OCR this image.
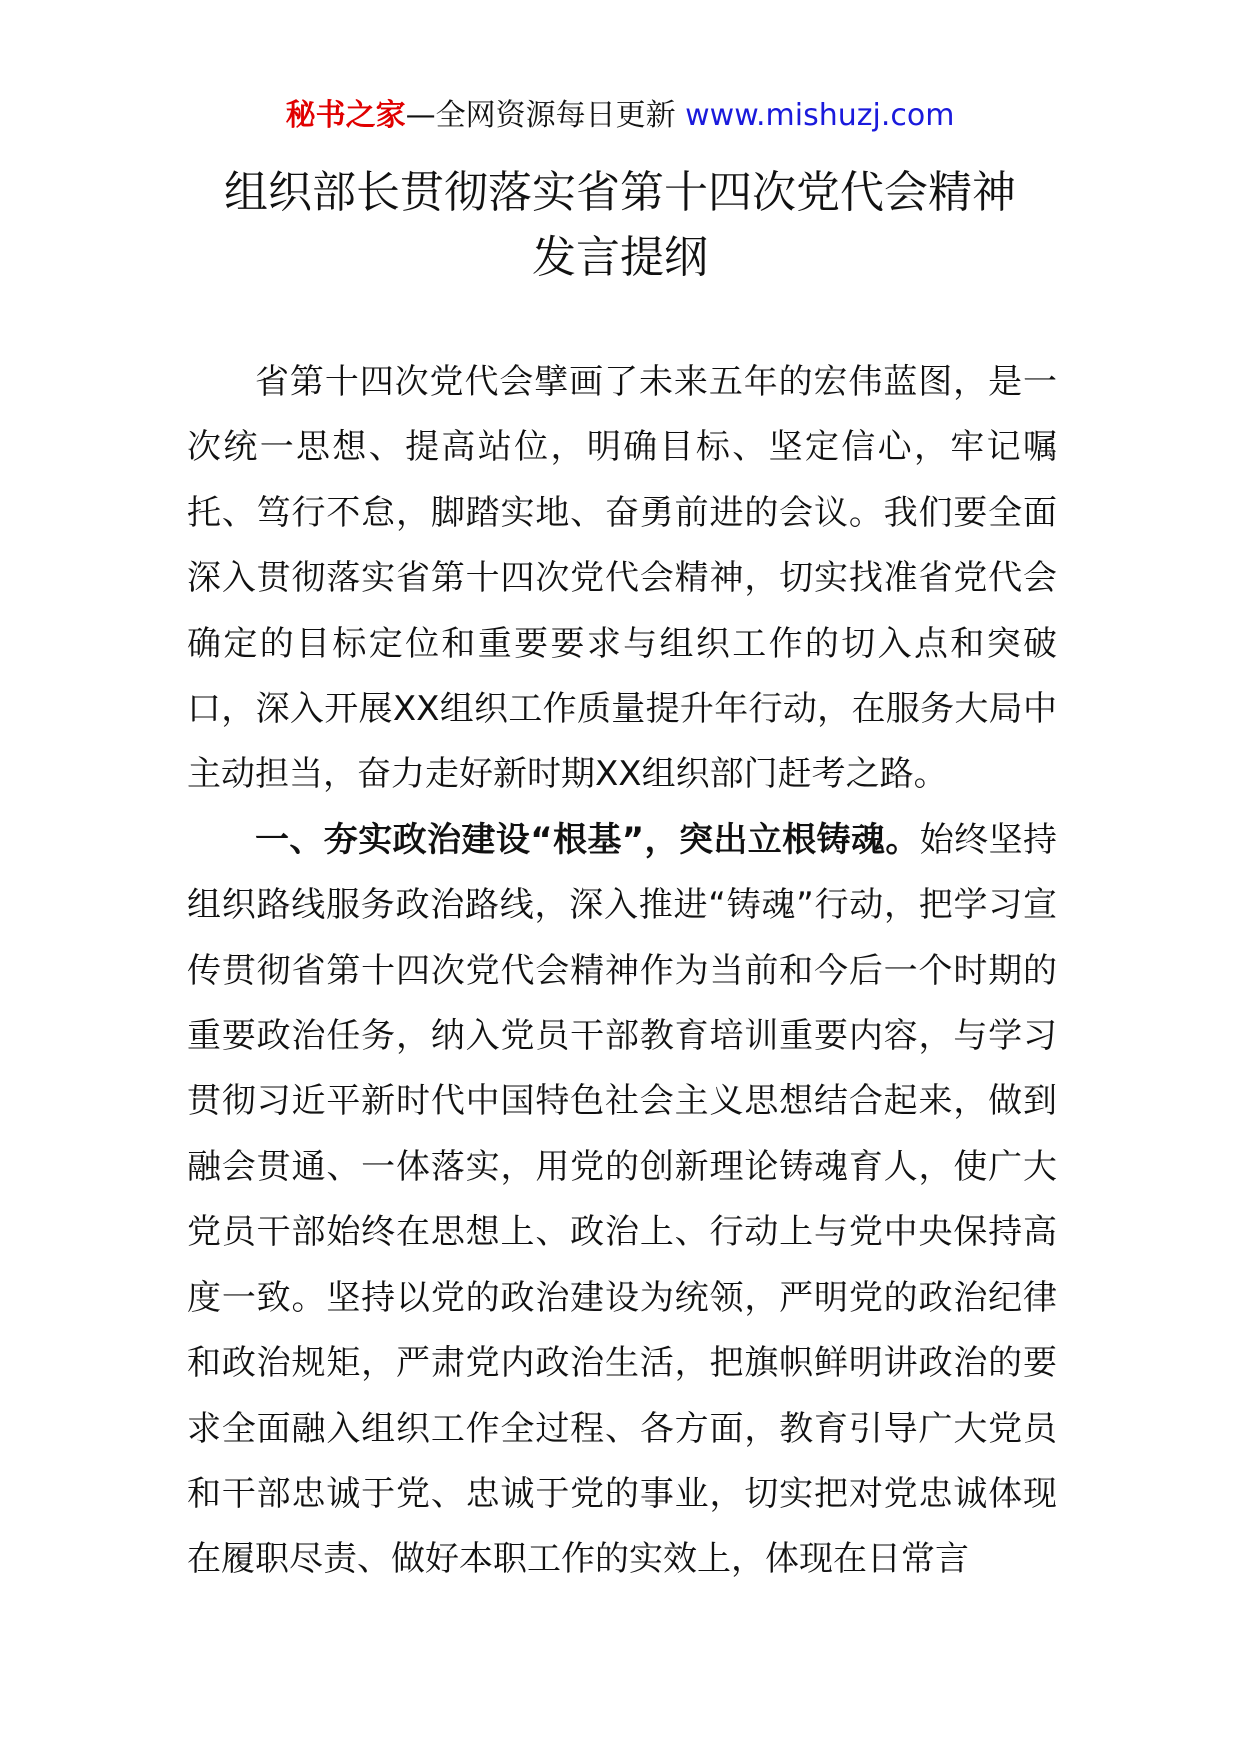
秘书之家—全网资源每日更新 www.mishuzj.com
组织部长贯彻落实省第十四次党代会精神
发言提纲

省第十四次党代会擘画了未来五年的宏伟蓝图，是一次统一思想、提高站位，明确目标、坚定信心，牢记嘱托、笃行不怠，脚踏实地、奋勇前进的会议。我们要全面深入贯彻落实省第十四次党代会精神，切实找准省党代会确定的目标定位和重要要求与组织工作的切入点和突破口，深入开展XX组织工作质量提升年行动，在服务大局中主动担当，奋力走好新时期XX组织部门赶考之路。

一、夯实政治建设“根基”，突出立根铸魂。始终坚持组织路线服务政治路线，深入推进“铸魂”行动，把学习宣传贯彻省第十四次党代会精神作为当前和今后一个时期的重要政治任务，纳入党员干部教育培训重要内容，与学习贯彻习近平新时代中国特色社会主义思想结合起来，做到融会贯通、一体落实，用党的创新理论铸魂育人，使广大党员干部始终在思想上、政治上、行动上与党中央保持高度一致。坚持以党的政治建设为统领，严明党的政治纪律和政治规矩，严肃党内政治生活，把旗帜鲜明讲政治的要求全面融入组织工作全过程、各方面，教育引导广大党员和干部忠诚于党、忠诚于党的事业，切实把对党忠诚体现在履职尽责、做好本职工作的实效上，体现在日常言
